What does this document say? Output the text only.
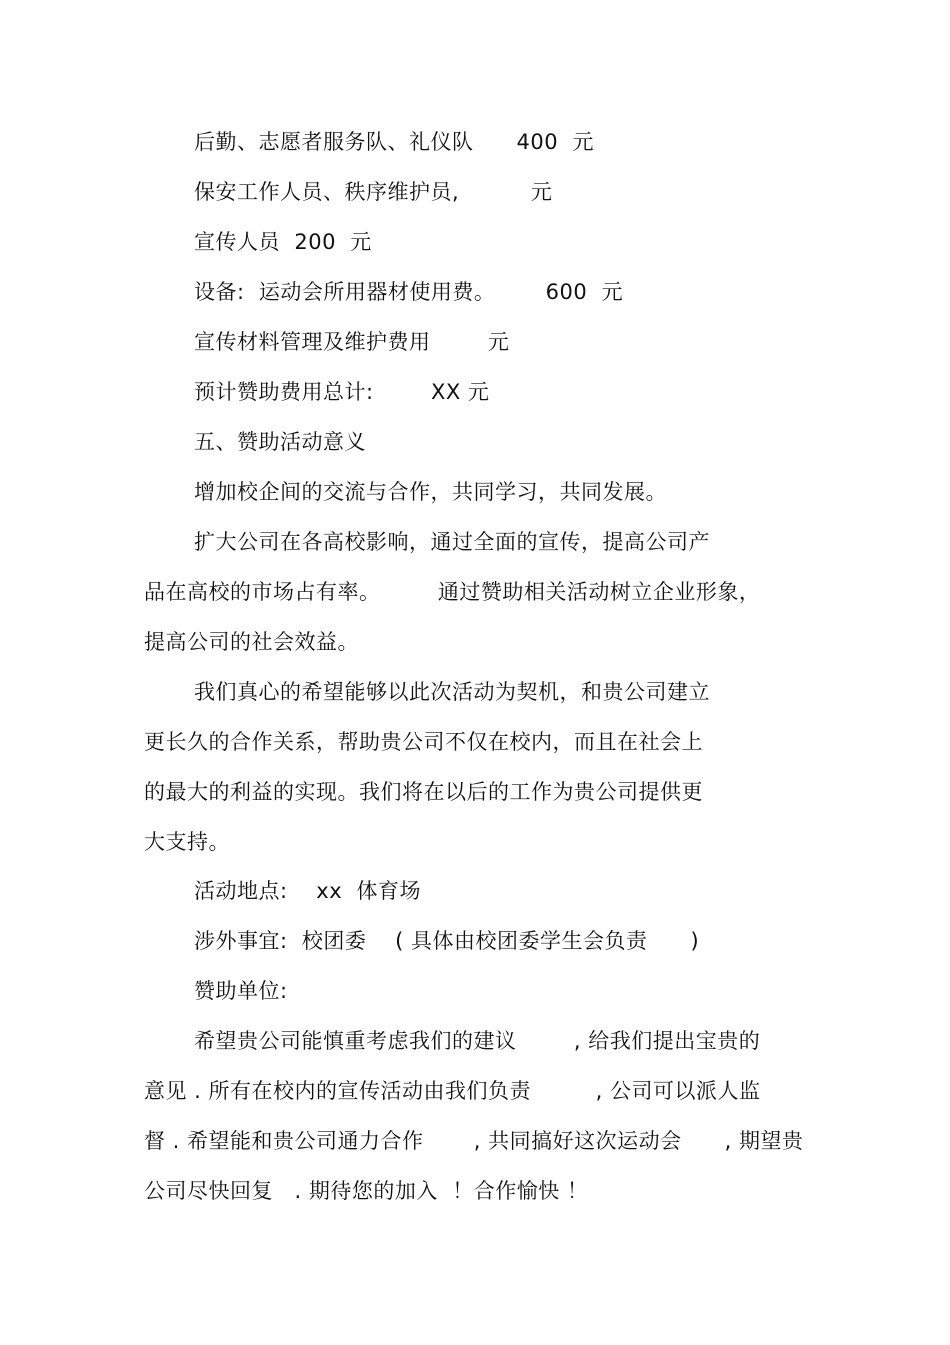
后勤、志愿者服务队、礼仪队      400  元
保安工作人员、秩序维护员,          元
宣传人员  200  元
设备:  运动会所用器材使用费。       600  元
宣传材料管理及维护费用        元
预计赞助费用总计:        XX 元
五、赞助活动意义
增加校企间的交流与合作，共同学习，共同发展。
扩大公司在各高校影响，通过全面的宣传，提高公司产
品在高校的市场占有率。        通过赞助相关活动树立企业形象，
提高公司的社会效益。
我们真心的希望能够以此次活动为契机，和贵公司建立
更长久的合作关系，帮助贵公司不仅在校内，而且在社会上
的最大的利益的实现。我们将在以后的工作为贵公司提供更
大支持。
活动地点:    xx  体育场
涉外事宜:  校团委    ( 具体由校团委学生会负责      )
赞助单位:
希望贵公司能慎重考虑我们的建议        , 给我们提出宝贵的
意见 . 所有在校内的宣传活动由我们负责         , 公司可以派人监
督 . 希望能和贵公司通力合作       , 共同搞好这次运动会      , 期望贵
公司尽快回复   . 期待您的加入  ！合作愉快 ！
